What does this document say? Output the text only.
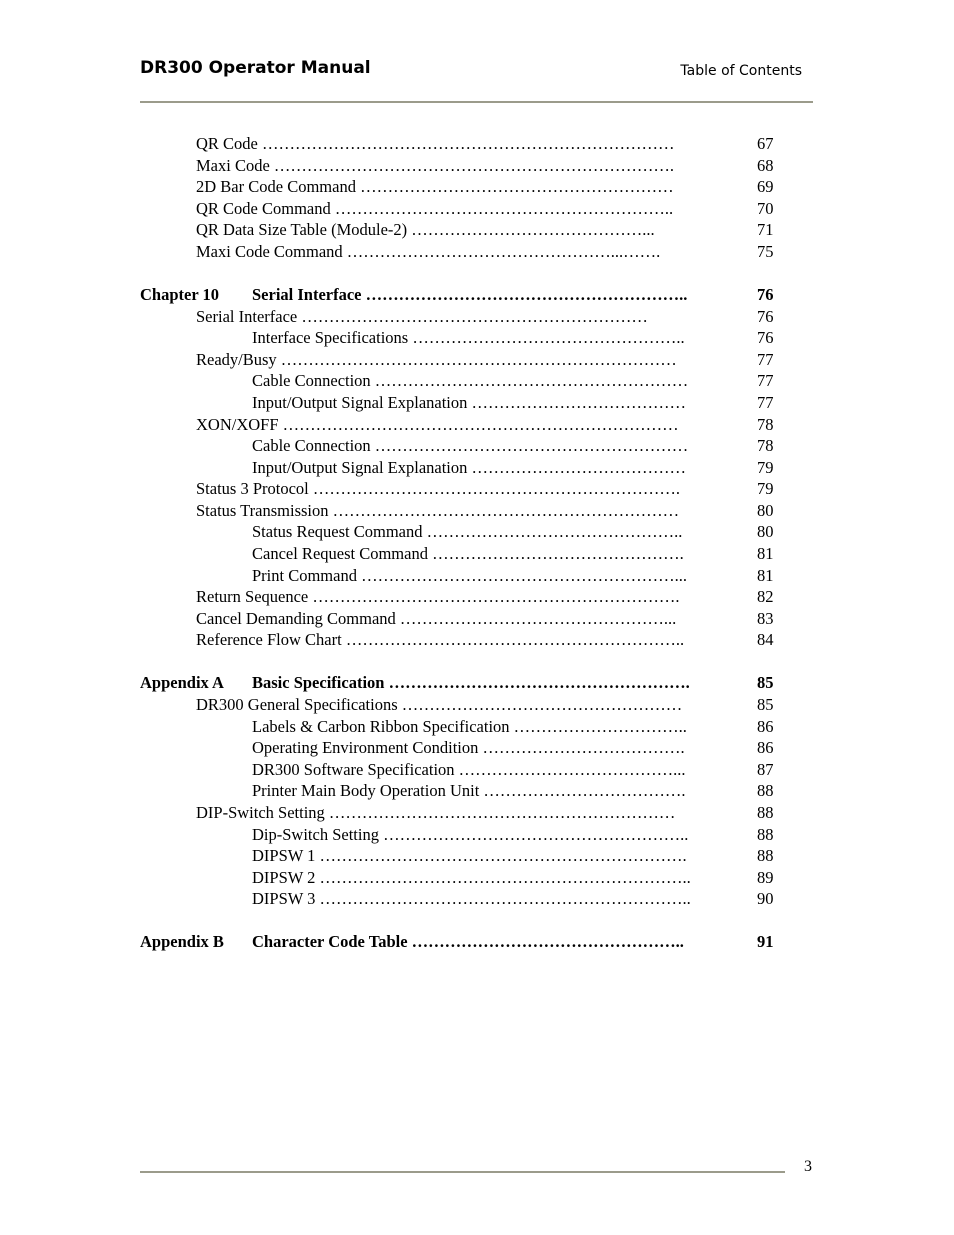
DR300 Operator Manual	Table of Contents
QR Code …………………………………………………………………	67
Maxi Code ……………………………………………………………….	68
2D Bar Code Command …………………………………………………	69
QR Code Command ……………………………………………………..	70
QR Data Size Table (Module-2) ……………………………………...	71
Maxi Code Command …………………………………………...…….	75
Chapter 10 Serial Interface …………………………………………………..	76
Serial Interface ………………………………………………………	76
Interface Specifications …………………………………………..	76
Ready/Busy ………………………………………………………………	77
Cable Connection …………………………………………………	77
Input/Output Signal Explanation …………………………………	77
XON/XOFF ………………………………………………………………	78
Cable Connection …………………………………………………	78
Input/Output Signal Explanation …………………………………	79
Status 3 Protocol ………………………………………………………….	79
Status Transmission ………………………………………………………	80
Status Request Command ………………………………………..	80
Cancel Request Command ……………………………………….	81
Print Command …………………………………………………...	81
Return Sequence ………………………………………………………….	82
Cancel Demanding Command …………………………………………...	83
Reference Flow Chart ……………………………………………………..	84
Appendix A Basic Specification ……………………………………………….	85
DR300 General Specifications ……………………………………………	85
Labels & Carbon Ribbon Specification …………………………..	86
Operating Environment Condition ……………………………….	86
DR300 Software Specification …………………………………...	87
Printer Main Body Operation Unit ……………………………….	88
DIP-Switch Setting ………………………………………………………	88
Dip-Switch Setting ………………………………………………..	88
DIPSW 1 ………………………………………………………….	88
DIPSW 2 …………………………………………………………..	89
DIPSW 3 …………………………………………………………..	90
Appendix B Character Code Table …………………………………………..	91
3
